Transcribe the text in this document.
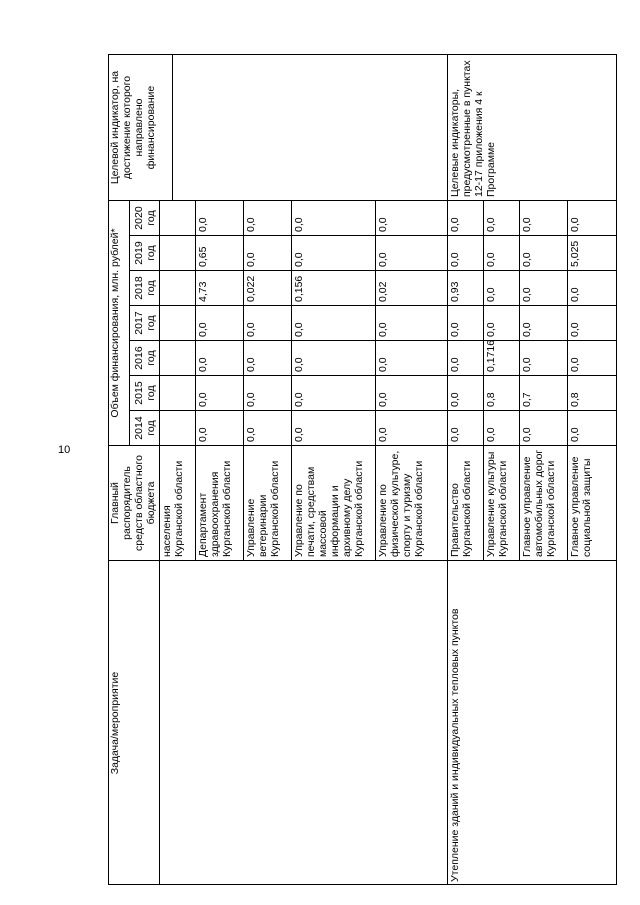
10
Задача/мероприятие
Главный распорядитель средств областного бюджета
Объем финансирования, млн. рублей*
2014 год
2015 год
2016 год
2017 год
2018 год
2019 год
2020 год
Целевой индикатор, на достижение которого направлено финансирование
населения Курганской области	Департамент здравоохранения Курганской области
0,0
0,0
0,0
0,0
4,73
0,65
0,0
Управление ветеринарии Курганской области
0,0
0,0
0,0
0,0
0,022
0,0
0,0
Управление по печати, средствам массовой информации и архивному делу Курганской области
0,0
0,0
0,0
0,0
0,156
0,0
0,0
Управление по физической культуре, спорту и туризму Курганской области
0,0
0,0
0,0
0,0
0,02
0,0
0,0
Утепление зданий и индивидуальных тепловых пунктов
Целевые индикаторы, предусмотренные в пунктах 12-17 приложения 4 к Программе
Правительство Курганской области
0,0
0,0
0,0
0,0
0,93
0,0
0,0
Управление культуры Курганской области
0,0
0,8
0,1716
0,0
0,0
0,0
0,0
Главное управление автомобильных дорог Курганской области
0,0
0,7
0,0
0,0
0,0
0,0
0,0
Главное управление социальной защиты
0,0
0,8
0,0
0,0
0,0
5,025
0,0
